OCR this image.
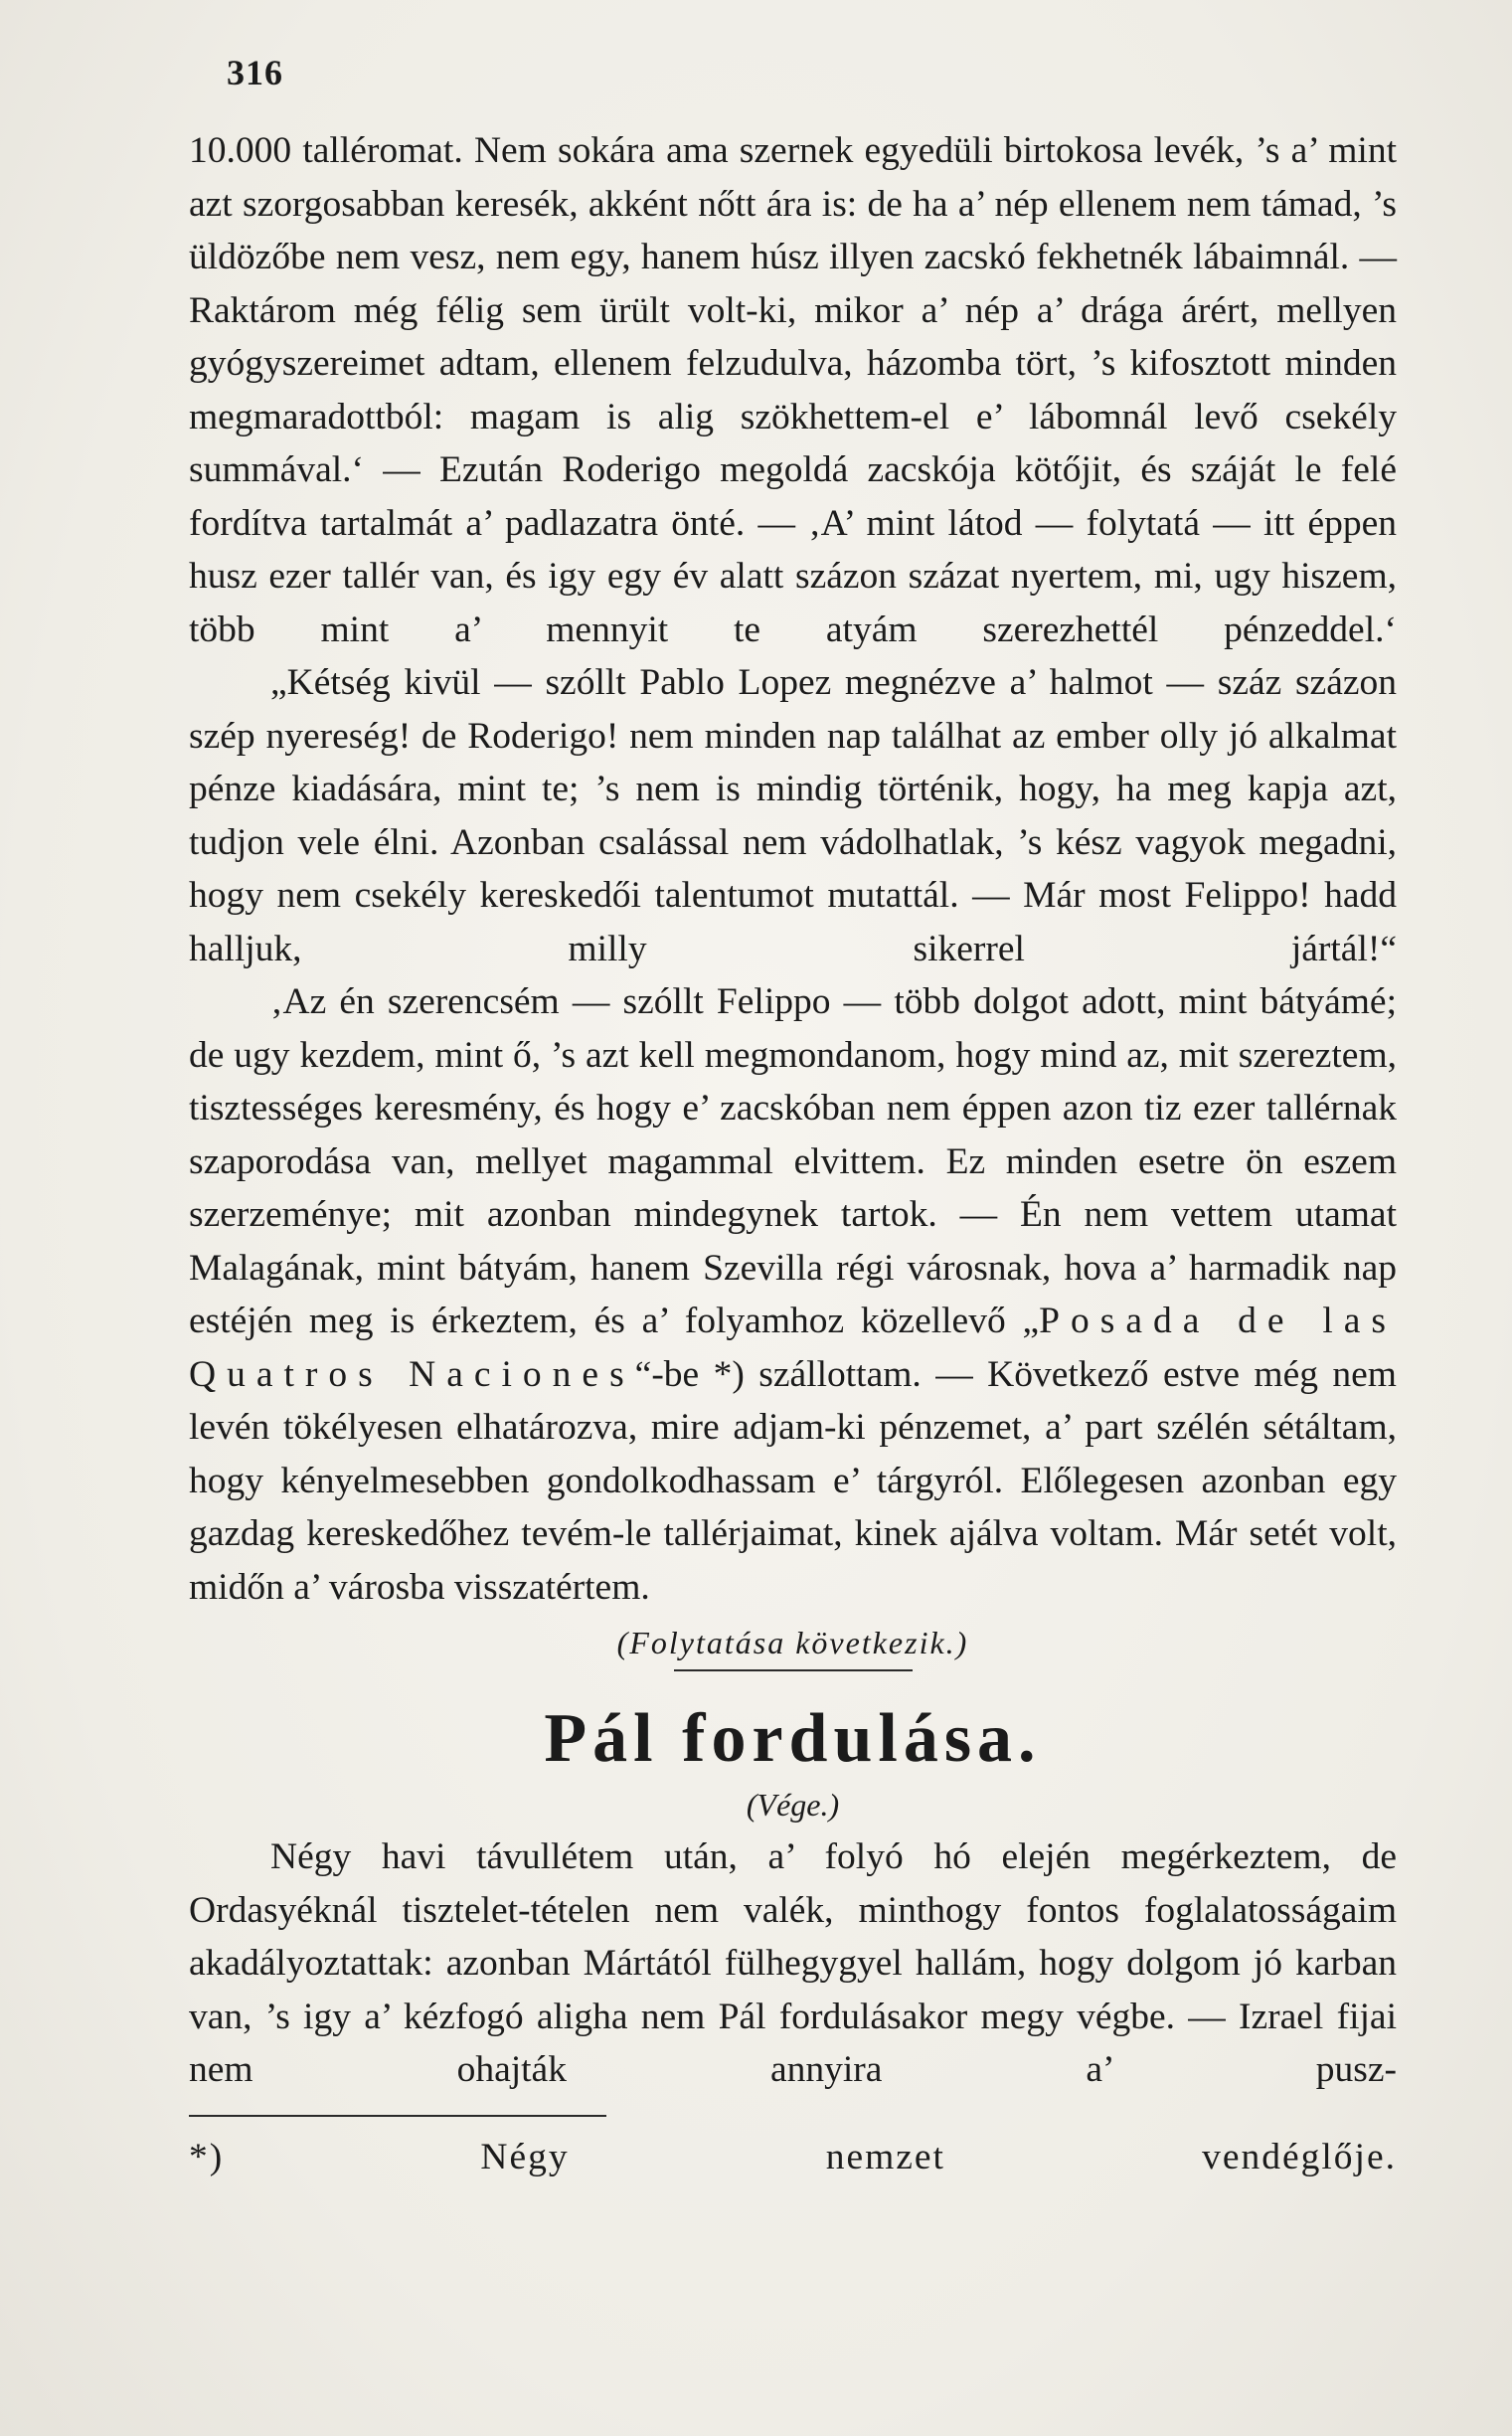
316

10.000 talléromat. Nem sokára ama szernek egyedüli birtokosa levék, ’s a’ mint azt szorgosabban keresék, akként nőtt ára is: de ha a’ nép ellenem nem támad, ’s üldözőbe nem vesz, nem egy, hanem húsz illyen zacskó fekhetnék lábaimnál. — Raktárom még félig sem ürült volt-ki, mikor a’ nép a’ drága árért, mellyen gyógyszereimet adtam, ellenem felzudulva, házomba tört, ’s kifosztott minden megmaradottból: magam is alig szökhettem-el e’ lábomnál levő csekély summával.‘ — Ezután Roderigo megoldá zacskója kötőjit, és száját le felé fordítva tartalmát a’ padlazatra önté. — ‚A’ mint látod — folytatá — itt éppen husz ezer tallér van, és igy egy év alatt százon százat nyertem, mi, ugy hiszem, több mint a’ mennyit te atyám szerezhettél pénzeddel.‘

„Kétség kivül — szóllt Pablo Lopez megnézve a’ halmot — száz százon szép nyereség! de Roderigo! nem minden nap találhat az ember olly jó alkalmat pénze kiadására, mint te; ’s nem is mindig történik, hogy, ha meg kapja azt, tudjon vele élni. Azonban csalással nem vádolhatlak, ’s kész vagyok megadni, hogy nem csekély kereskedői talentumot mutattál. — Már most Felippo! hadd halljuk, milly sikerrel jártál!“

‚Az én szerencsém — szóllt Felippo — több dolgot adott, mint bátyámé; de ugy kezdem, mint ő, ’s azt kell megmondanom, hogy mind az, mit szereztem, tisztességes keresmény, és hogy e’ zacskóban nem éppen azon tiz ezer tallérnak szaporodása van, mellyet magammal elvittem. Ez minden esetre ön eszem szerzeménye; mit azonban mindegynek tartok. — Én nem vettem utamat Malagának, mint bátyám, hanem Szevilla régi városnak, hova a’ harmadik nap estéjén meg is érkeztem, és a’ folyamhoz közellevő „Posada de las Quatros Naciones“-be *) szállottam. — Következő estve még nem levén tökélyesen elhatározva, mire adjam-ki pénzemet, a’ part szélén sétáltam, hogy kényelmesebben gondolkodhassam e’ tárgyról. Előlegesen azonban egy gazdag kereskedőhez tevém-le tallérjaimat, kinek ajálva voltam. Már setét volt, midőn a’ városba visszatértem.

(Folytatása következik.)
Pál fordulása.
(Vége.)

Négy havi távullétem után, a’ folyó hó elején megérkeztem, de Ordasyéknál tisztelet-tételen nem valék, minthogy fontos foglalatosságaim akadályoztattak: azonban Mártától fülhegygyel hallám, hogy dolgom jó karban van, ’s igy a’ kézfogó aligha nem Pál fordulásakor megy végbe. — Izrael fijai nem ohajták annyira a’ pusz-

*) Négy nemzet vendéglője.
